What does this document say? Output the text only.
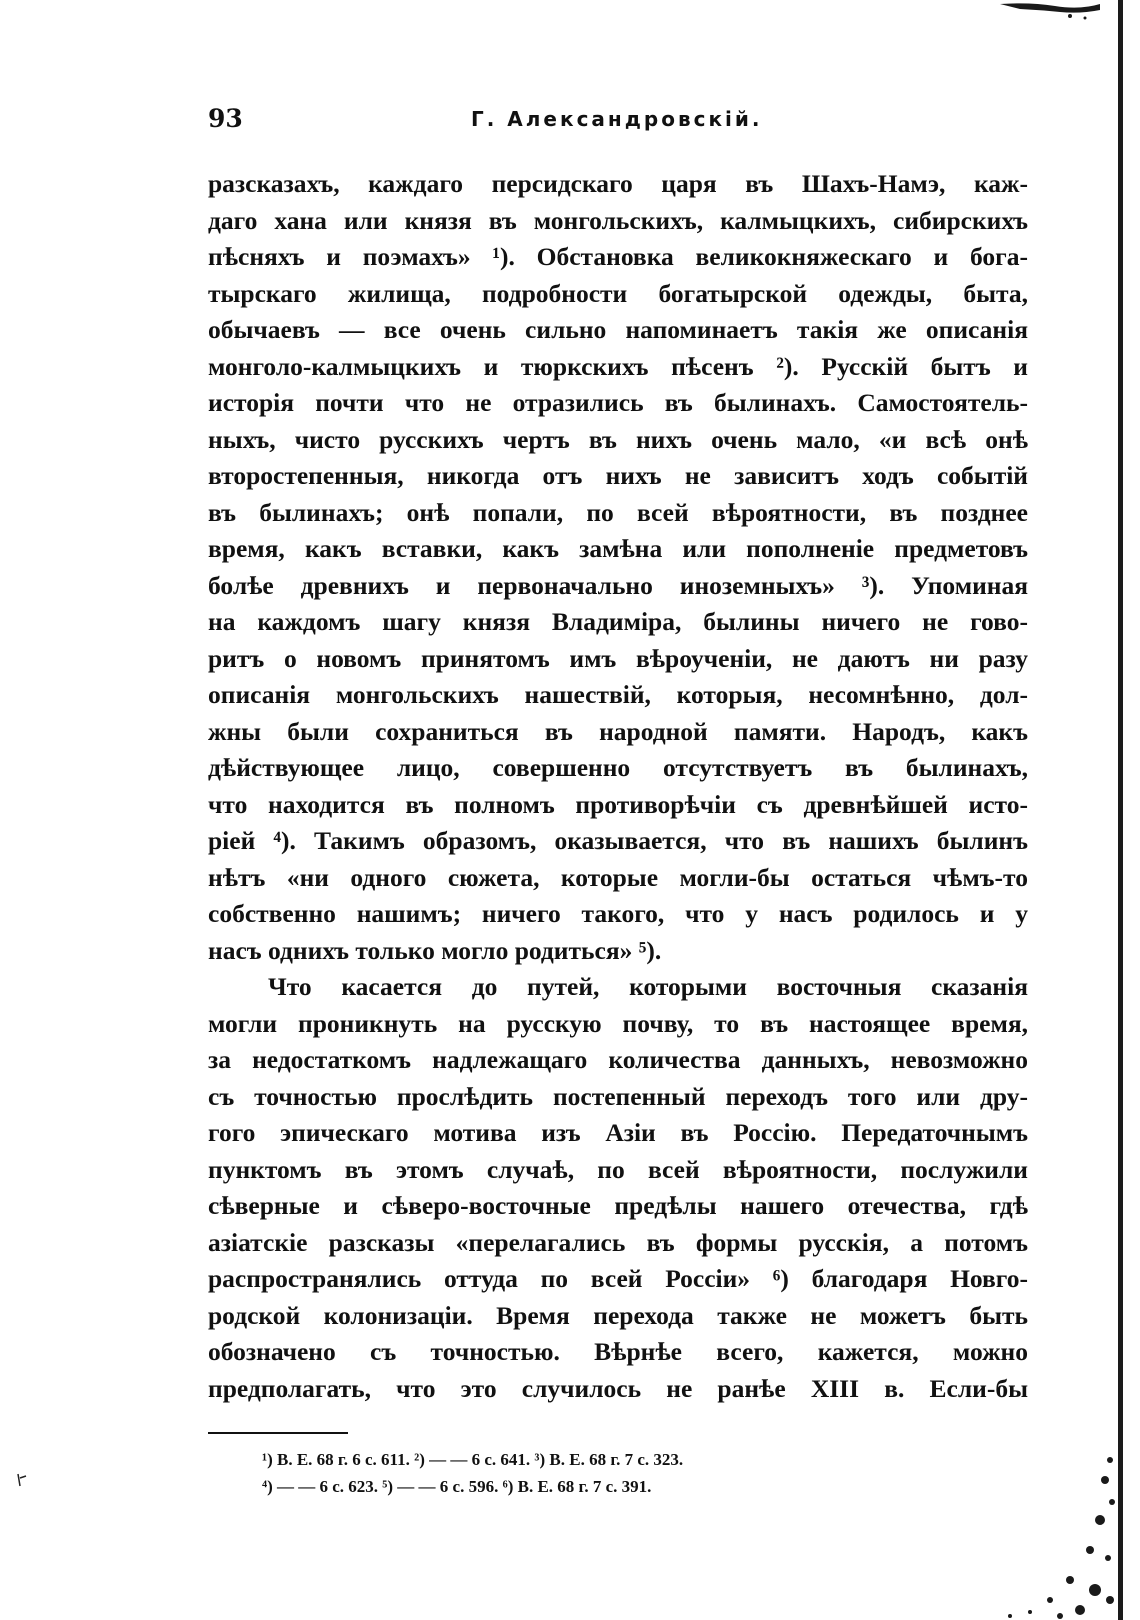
93	Г. Александровскій.
разсказахъ, каждаго персидскаго царя въ Шахъ-Намэ, каж-
даго хана или князя въ монгольскихъ, калмыцкихъ, сибирскихъ
пѣсняхъ и поэмахъ» ¹). Обстановка великокняжескаго и бога-
тырскаго жилища, подробности богатырской одежды, быта,
обычаевъ — все очень сильно напоминаетъ такія же описанія
монголо-калмыцкихъ и тюркскихъ пѣсенъ ²). Русскій бытъ и
исторія почти что не отразились въ былинахъ. Самостоятель-
ныхъ, чисто русскихъ чертъ въ нихъ очень мало, «и всѣ онѣ
второстепенныя, никогда отъ нихъ не зависитъ ходъ событій
въ былинахъ; онѣ попали, по всей вѣроятности, въ позднее
время, какъ вставки, какъ замѣна или пополненіе предметовъ
болѣе древнихъ и первоначально иноземныхъ» ³). Упоминая
на каждомъ шагу князя Владиміра, былины ничего не гово-
ритъ о новомъ принятомъ имъ вѣроученіи, не даютъ ни разу
описанія монгольскихъ нашествій, которыя, несомнѣнно, дол-
жны были сохраниться въ народной памяти. Народъ, какъ
дѣйствующее лицо, совершенно отсутствуетъ въ былинахъ,
что находится въ полномъ противорѣчіи съ древнѣйшей исто-
ріей ⁴). Такимъ образомъ, оказывается, что въ нашихъ былинъ
нѣтъ «ни одного сюжета, которые могли-бы остаться чѣмъ-то
собственно нашимъ; ничего такого, что у насъ родилось и у
насъ однихъ только могло родиться» ⁵).
Что касается до путей, которыми восточныя сказанія
могли проникнуть на русскую почву, то въ настоящее время,
за недостаткомъ надлежащаго количества данныхъ, невозможно
съ точностью прослѣдить постепенный переходъ того или дру-
гого эпическаго мотива изъ Азіи въ Россію. Передаточнымъ
пунктомъ въ этомъ случаѣ, по всей вѣроятности, послужили
сѣверные и сѣверо-восточные предѣлы нашего отечества, гдѣ
азіатскіе разсказы «перелагались въ формы русскія, а потомъ
распространялись оттуда по всей Россіи» ⁶) благодаря Новго-
родской колонизаціи. Время перехода также не можетъ быть
обозначено съ точностью. Вѣрнѣе всего, кажется, можно
предполагать, что это случилось не ранѣе XIII в. Если-бы
¹) В. Е. 68 г. 6 с. 611. ²) — — 6 с. 641. ³) В. Е. 68 г. 7 с. 323.
⁴) — — 6 с. 623. ⁵) — — 6 с. 596. ⁶) В. Е. 68 г. 7 с. 391.
